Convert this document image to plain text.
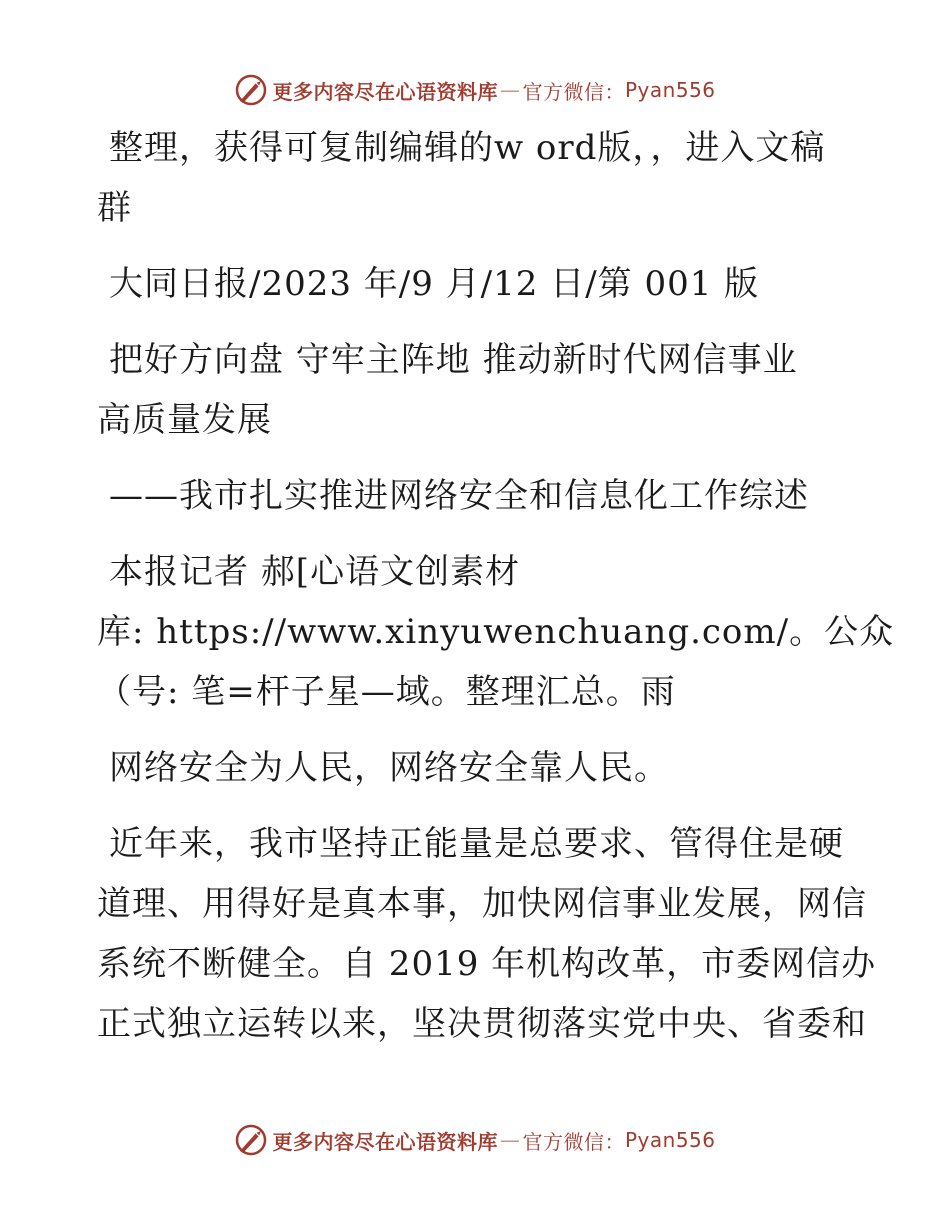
更多内容尽在心语资料库 — 官方微信： Pyan556
整理，获得可复制编辑的w ord版，，进入文稿
群
大同日报/2023 年/9 月/12 日/第 001 版
把好方向盘 守牢主阵地 推动新时代网信事业
高质量发展
——我市扎实推进网络安全和信息化工作综述
本报记者 郝[心语文创素材
库: https://www.xinyuwenchuang.com/。公众
（号: 笔=杆子星—域。整理汇总。雨
网络安全为人民，网络安全靠人民。
近年来，我市坚持正能量是总要求、管得住是硬
道理、用得好是真本事，加快网信事业发展，网信
系统不断健全。自 2019 年机构改革，市委网信办
正式独立运转以来，坚决贯彻落实党中央、省委和
更多内容尽在心语资料库 — 官方微信： Pyan556
